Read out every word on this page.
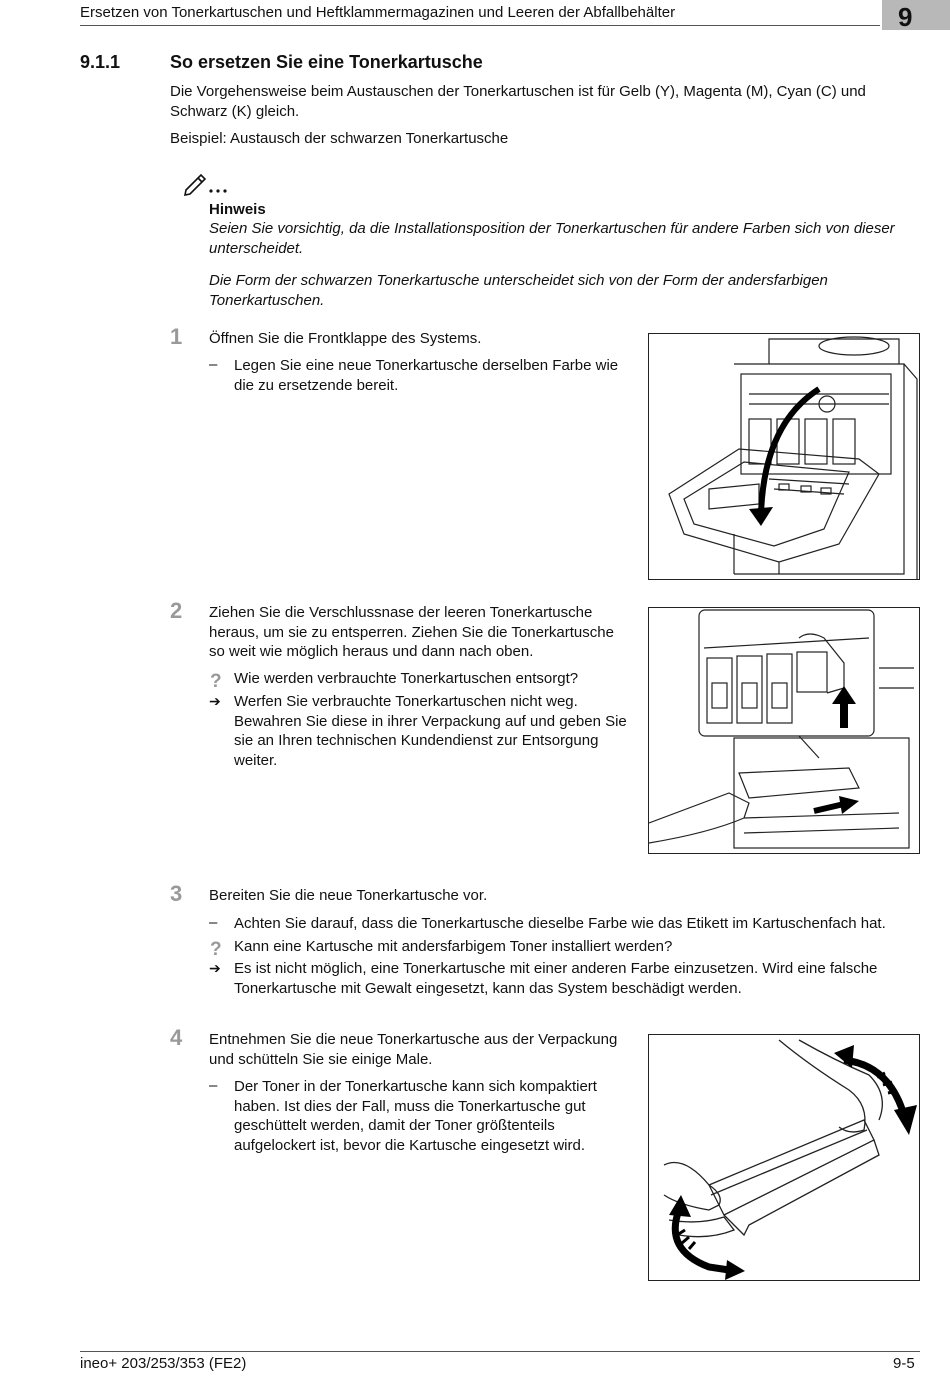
Ersetzen von Tonerkartuschen und Heftklammermagazinen und Leeren der Abfallbehälter	9
9.1.1	So ersetzen Sie eine Tonerkartusche
Die Vorgehensweise beim Austauschen der Tonerkartuschen ist für Gelb (Y), Magenta (M), Cyan (C) und
Schwarz (K) gleich.
Beispiel: Austausch der schwarzen Tonerkartusche
Hinweis
Seien Sie vorsichtig, da die Installationsposition der Tonerkartuschen für andere Farben sich von dieser
unterscheidet.
Die Form der schwarzen Tonerkartusche unterscheidet sich von der Form der andersfarbigen
Tonerkartuschen.
1 Öffnen Sie die Frontklappe des Systems.
– Legen Sie eine neue Tonerkartusche derselben Farbe wie
die zu ersetzende bereit.
2 Ziehen Sie die Verschlussnase der leeren Tonerkartusche
heraus, um sie zu entsperren. Ziehen Sie die Tonerkartusche
so weit wie möglich heraus und dann nach oben.
? Wie werden verbrauchte Tonerkartuschen entsorgt?
➔ Werfen Sie verbrauchte Tonerkartuschen nicht weg.
Bewahren Sie diese in ihrer Verpackung auf und geben Sie
sie an Ihren technischen Kundendienst zur Entsorgung
weiter.
3 Bereiten Sie die neue Tonerkartusche vor.
– Achten Sie darauf, dass die Tonerkartusche dieselbe Farbe wie das Etikett im Kartuschenfach hat.
? Kann eine Kartusche mit andersfarbigem Toner installiert werden?
➔ Es ist nicht möglich, eine Tonerkartusche mit einer anderen Farbe einzusetzen. Wird eine falsche
Tonerkartusche mit Gewalt eingesetzt, kann das System beschädigt werden.
4 Entnehmen Sie die neue Tonerkartusche aus der Verpackung
und schütteln Sie sie einige Male.
– Der Toner in der Tonerkartusche kann sich kompaktiert
haben. Ist dies der Fall, muss die Tonerkartusche gut
geschüttelt werden, damit der Toner größtenteils
aufgelockert ist, bevor die Kartusche eingesetzt wird.
ineo+ 203/253/353 (FE2)	9-5
